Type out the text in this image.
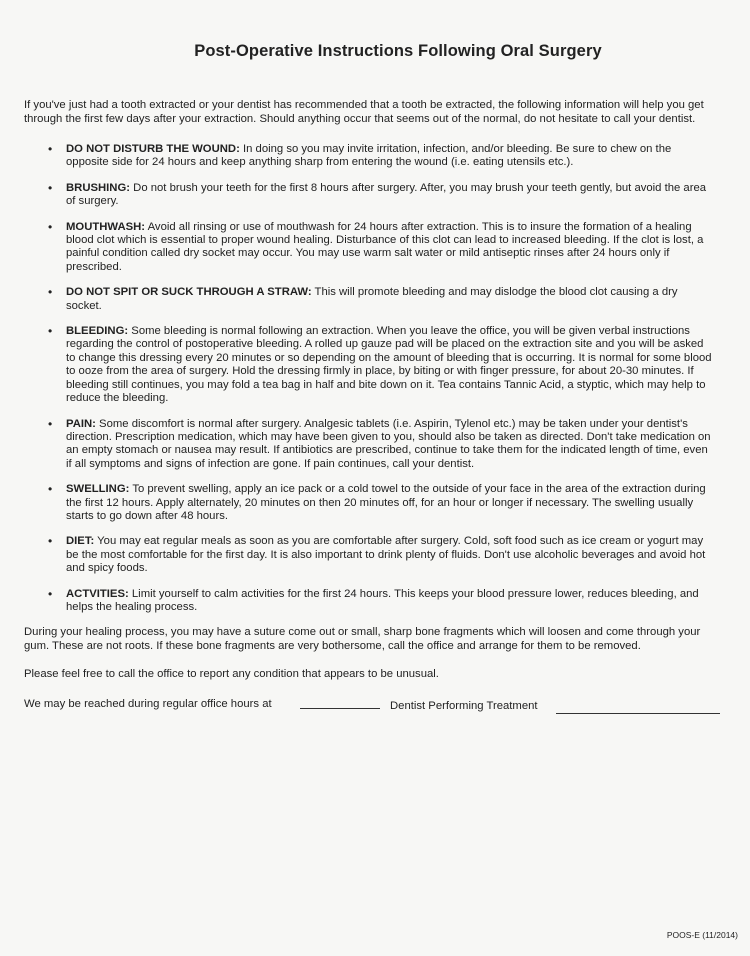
Post-Operative Instructions Following Oral Surgery

If you've just had a tooth extracted or your dentist has recommended that a tooth be extracted, the following information will help you get through the first few days after your extraction. Should anything occur that seems out of the normal, do not hesitate to call your dentist.

• DO NOT DISTURB THE WOUND: In doing so you may invite irritation, infection, and/or bleeding. Be sure to chew on the opposite side for 24 hours and keep anything sharp from entering the wound (i.e. eating utensils etc.).
• BRUSHING: Do not brush your teeth for the first 8 hours after surgery. After, you may brush your teeth gently, but avoid the area of surgery.
• MOUTHWASH: Avoid all rinsing or use of mouthwash for 24 hours after extraction. This is to insure the formation of a healing blood clot which is essential to proper wound healing. Disturbance of this clot can lead to increased bleeding. If the clot is lost, a painful condition called dry socket may occur. You may use warm salt water or mild antiseptic rinses after 24 hours only if prescribed.
• DO NOT SPIT OR SUCK THROUGH A STRAW: This will promote bleeding and may dislodge the blood clot causing a dry socket.
• BLEEDING: Some bleeding is normal following an extraction. When you leave the office, you will be given verbal instructions regarding the control of postoperative bleeding. A rolled up gauze pad will be placed on the extraction site and you will be asked to change this dressing every 20 minutes or so depending on the amount of bleeding that is occurring. It is normal for some blood to ooze from the area of surgery. Hold the dressing firmly in place, by biting or with finger pressure, for about 20-30 minutes. If bleeding still continues, you may fold a tea bag in half and bite down on it. Tea contains Tannic Acid, a styptic, which may help to reduce the bleeding.
• PAIN: Some discomfort is normal after surgery. Analgesic tablets (i.e. Aspirin, Tylenol etc.) may be taken under your dentist's direction. Prescription medication, which may have been given to you, should also be taken as directed. Don't take medication on an empty stomach or nausea may result. If antibiotics are prescribed, continue to take them for the indicated length of time, even if all symptoms and signs of infection are gone. If pain continues, call your dentist.
• SWELLING: To prevent swelling, apply an ice pack or a cold towel to the outside of your face in the area of the extraction during the first 12 hours. Apply alternately, 20 minutes on then 20 minutes off, for an hour or longer if necessary. The swelling usually starts to go down after 48 hours.
• DIET: You may eat regular meals as soon as you are comfortable after surgery. Cold, soft food such as ice cream or yogurt may be the most comfortable for the first day. It is also important to drink plenty of fluids. Don't use alcoholic beverages and avoid hot and spicy foods.
• ACTVITIES: Limit yourself to calm activities for the first 24 hours. This keeps your blood pressure lower, reduces bleeding, and helps the healing process.

During your healing process, you may have a suture come out or small, sharp bone fragments which will loosen and come through your gum. These are not roots. If these bone fragments are very bothersome, call the office and arrange for them to be removed.

Please feel free to call the office to report any condition that appears to be unusual.

We may be reached during regular office hours at	Dentist Performing Treatment
POOS-E (11/2014)
